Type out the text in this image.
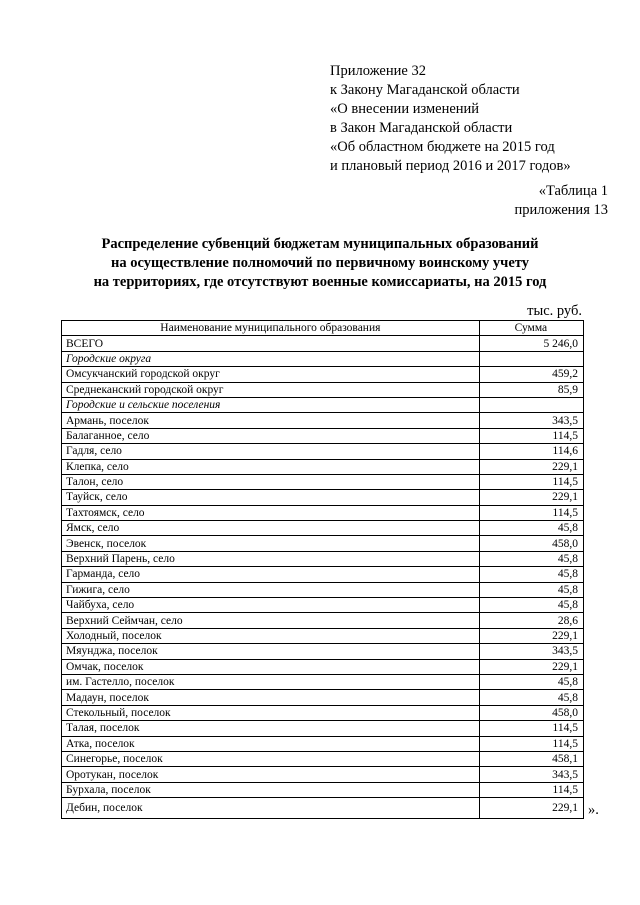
Приложение 32
к Закону Магаданской области
«О внесении изменений
в Закон Магаданской области
«Об областном бюджете на 2015 год
и плановый период 2016 и 2017 годов»
«Таблица 1
приложения 13
Распределение субвенций бюджетам муниципальных образований
на осуществление полномочий по первичному воинскому учету
на территориях, где отсутствуют военные комиссариаты, на 2015 год
тыс. руб.
Наименование муниципального образования	Сумма
ВСЕГО	5 246,0
Городские округа	
Омсукчанский городской округ	459,2
Среднеканский городской округ	85,9
Городские и сельские поселения	
Армань, поселок	343,5
Балаганное, село	114,5
Гадля, село	114,6
Клепка, село	229,1
Талон, село	114,5
Тауйск, село	229,1
Тахтоямск, село	114,5
Ямск, село	45,8
Эвенск, поселок	458,0
Верхний Парень, село	45,8
Гарманда, село	45,8
Гижига, село	45,8
Чайбуха, село	45,8
Верхний Сеймчан, село	28,6
Холодный, поселок	229,1
Мяунджа, поселок	343,5
Омчак, поселок	229,1
им. Гастелло, поселок	45,8
Мадаун, поселок	45,8
Стекольный, поселок	458,0
Талая, поселок	114,5
Атка, поселок	114,5
Синегорье, поселок	458,1
Оротукан, поселок	343,5
Бурхала, поселок	114,5
Дебин, поселок	229,1 ».
